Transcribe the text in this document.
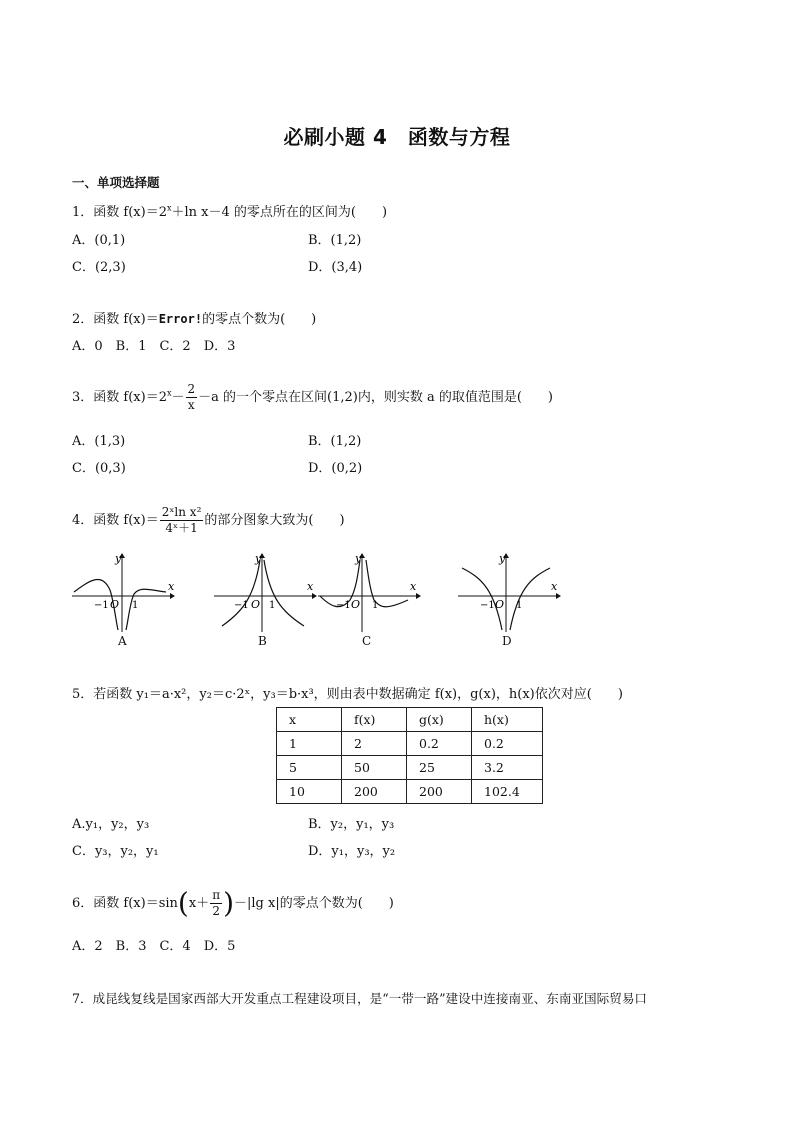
必刷小题 4　函数与方程
一、单项选择题
1．函数 $f(x)=2^x+\ln$ x－4 的零点所在的区间为(　　)
A．(0,1)	B．(1,2)
C．(2,3)	D．(3,4)
2．函数 f(x)＝Error!的零点个数为(　　)
A．0　B．1　C．2　D．3
3．函数 $f(x)=2^x- \frac{2}{x} -a$ 的一个零点在区间(1,2)内，则实数 a 的取值范围是(　　)
A．(1,3)	B．(1,2)
C．(0,3)	D．(0,2)
4．函数 $f(x)= \frac{\text{2ˣln x²}}{\text{4ˣ＋1}}$ 的部分图象大致为(　　)
y
x
O
−1 1
A
y
x
O
−1 1
B
y
x
O
−1 1
C
y
x
O
−1 1
D
5．若函数 y₁＝a·x²，y₂＝c·2ˣ，y₃＝b·x³，则由表中数据确定 f(x)，g(x)，h(x)依次对应(　　)
x	f(x)	g(x)	h(x)
1	2	0.2	0.2
5	50	25	3.2
10	200	200	102.4
A.y₁，y₂，y₃	B．y₂，y₁，y₃
C．y₃，y₂，y₁	D．y₁，y₃，y₂
6．函数 $f(x)=\sin(x+ \frac{\pi}{2} )-|\lg$ x|的零点个数为(　　)
A．2　B．3　C．4　D．5
7．成昆线复线是国家西部大开发重点工程建设项目，是“一带一路”建设中连接南亚、东南亚国际贸易口
